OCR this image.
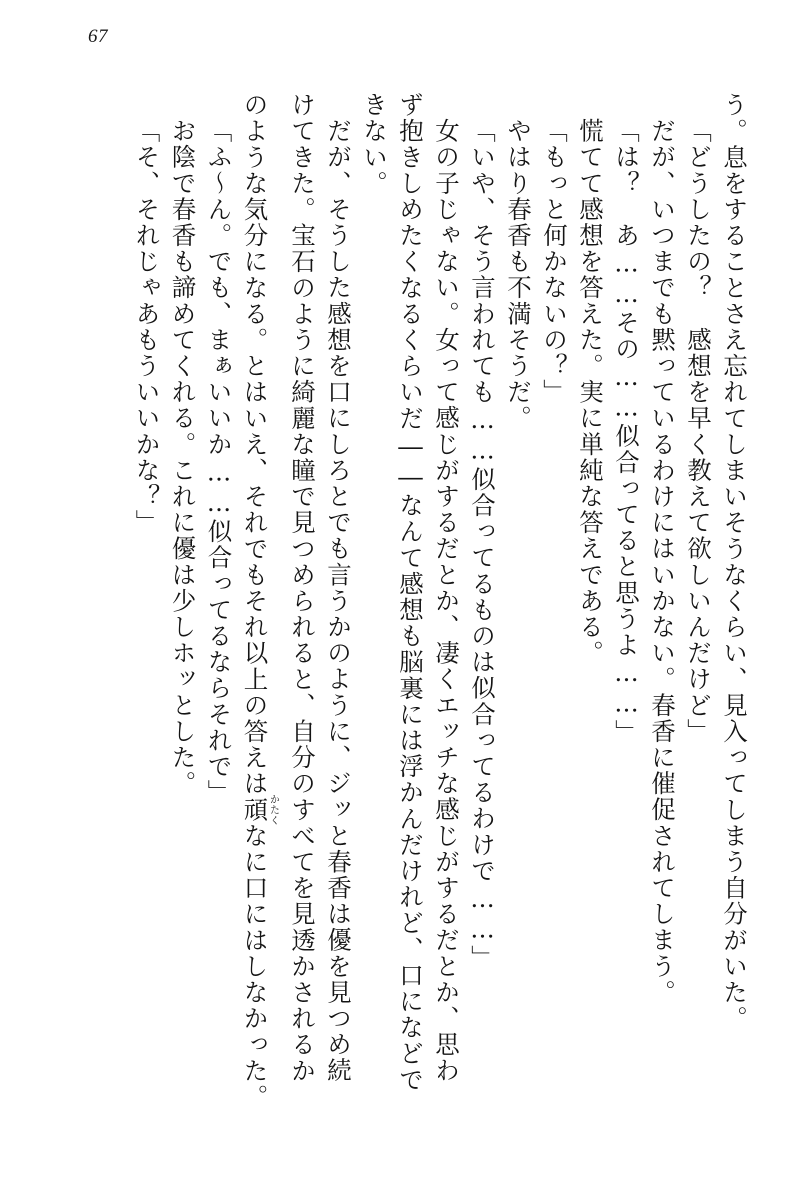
67
「そ、それじゃあもういいかな？」 お陰で春香も諦めてくれる。これに優は少しホッとした。 「ふ～ん。でも、まぁいいか……似合ってるならそれで」 のような気分になる。とはいえ、それでもそれ以上の答えは頑かたくなに口にはしなかった。 けてきた。宝石のように綺麗な瞳で見つめられると、自分のすべてを見透かされるか だが、そうした感想を口にしろとでも言うかのように、ジッと春香は優を見つめ続 きない。 ず抱きしめたくなるくらいだ――なんて感想も脳裏には浮かんだけれど、口になどで 女の子じゃない。女って感じがするだとか、凄くエッチな感じがするだとか、思わ 「いや、そう言われても……似合ってるものは似合ってるわけで……」 やはり春香も不満そうだ。 「もっと何かないの？」 慌てて感想を答えた。実に単純な答えである。 「は？　あ……その……似合ってると思うよ……」 だが、いつまでも黙っているわけにはいかない。春香に催促されてしまう。 「どうしたの？　感想を早く教えて欲しいんだけど」 う。息をすることさえ忘れてしまいそうなくらい、見入ってしまう自分がいた。
